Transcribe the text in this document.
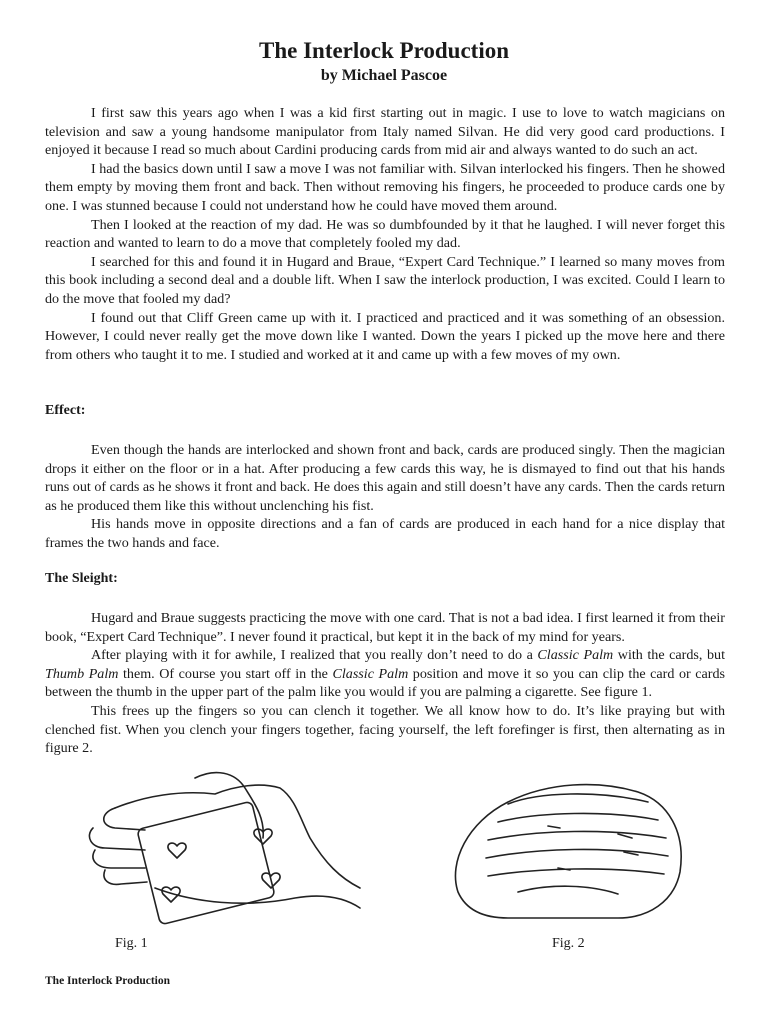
The Interlock Production
by Michael Pascoe

I first saw this years ago when I was a kid first starting out in magic. I use to love to watch magicians on television and saw a young handsome manipulator from Italy named Silvan. He did very good card productions. I enjoyed it because I read so much about Cardini producing cards from mid air and always wanted to do such an act.

I had the basics down until I saw a move I was not familiar with. Silvan interlocked his fingers. Then he showed them empty by moving them front and back. Then without removing his fingers, he proceeded to produce cards one by one. I was stunned because I could not understand how he could have moved them around.

Then I looked at the reaction of my dad. He was so dumbfounded by it that he laughed. I will never forget this reaction and wanted to learn to do a move that completely fooled my dad.

I searched for this and found it in Hugard and Braue, “Expert Card Technique.” I learned so many moves from this book including a second deal and a double lift. When I saw the interlock production, I was excited. Could I learn to do the move that fooled my dad?

I found out that Cliff Green came up with it. I practiced and practiced and it was something of an obsession. However, I could never really get the move down like I wanted. Down the years I picked up the move here and there from others who taught it to me. I studied and worked at it and came up with a few moves of my own.

Effect:

Even though the hands are interlocked and shown front and back, cards are produced singly. Then the magician drops it either on the floor or in a hat. After producing a few cards this way, he is dismayed to find out that his hands runs out of cards as he shows it front and back. He does this again and still doesn’t have any cards. Then the cards return as he produced them like this without unclenching his fist.

His hands move in opposite directions and a fan of cards are produced in each hand for a nice display that frames the two hands and face.

The Sleight:

Hugard and Braue suggests practicing the move with one card. That is not a bad idea. I first learned it from their book, “Expert Card Technique”. I never found it practical, but kept it in the back of my mind for years.

After playing with it for awhile, I realized that you really don’t need to do a Classic Palm with the cards, but Thumb Palm them. Of course you start off in the Classic Palm position and move it so you can clip the card or cards between the thumb in the upper part of the palm like you would if you are palming a cigarette. See figure 1.

This frees up the fingers so you can clench it together. We all know how to do. It’s like praying but with clenched fist. When you clench your fingers together, facing yourself, the left forefinger is first, then alternating as in figure 2.

Fig. 1	Fig. 2
The Interlock Production
